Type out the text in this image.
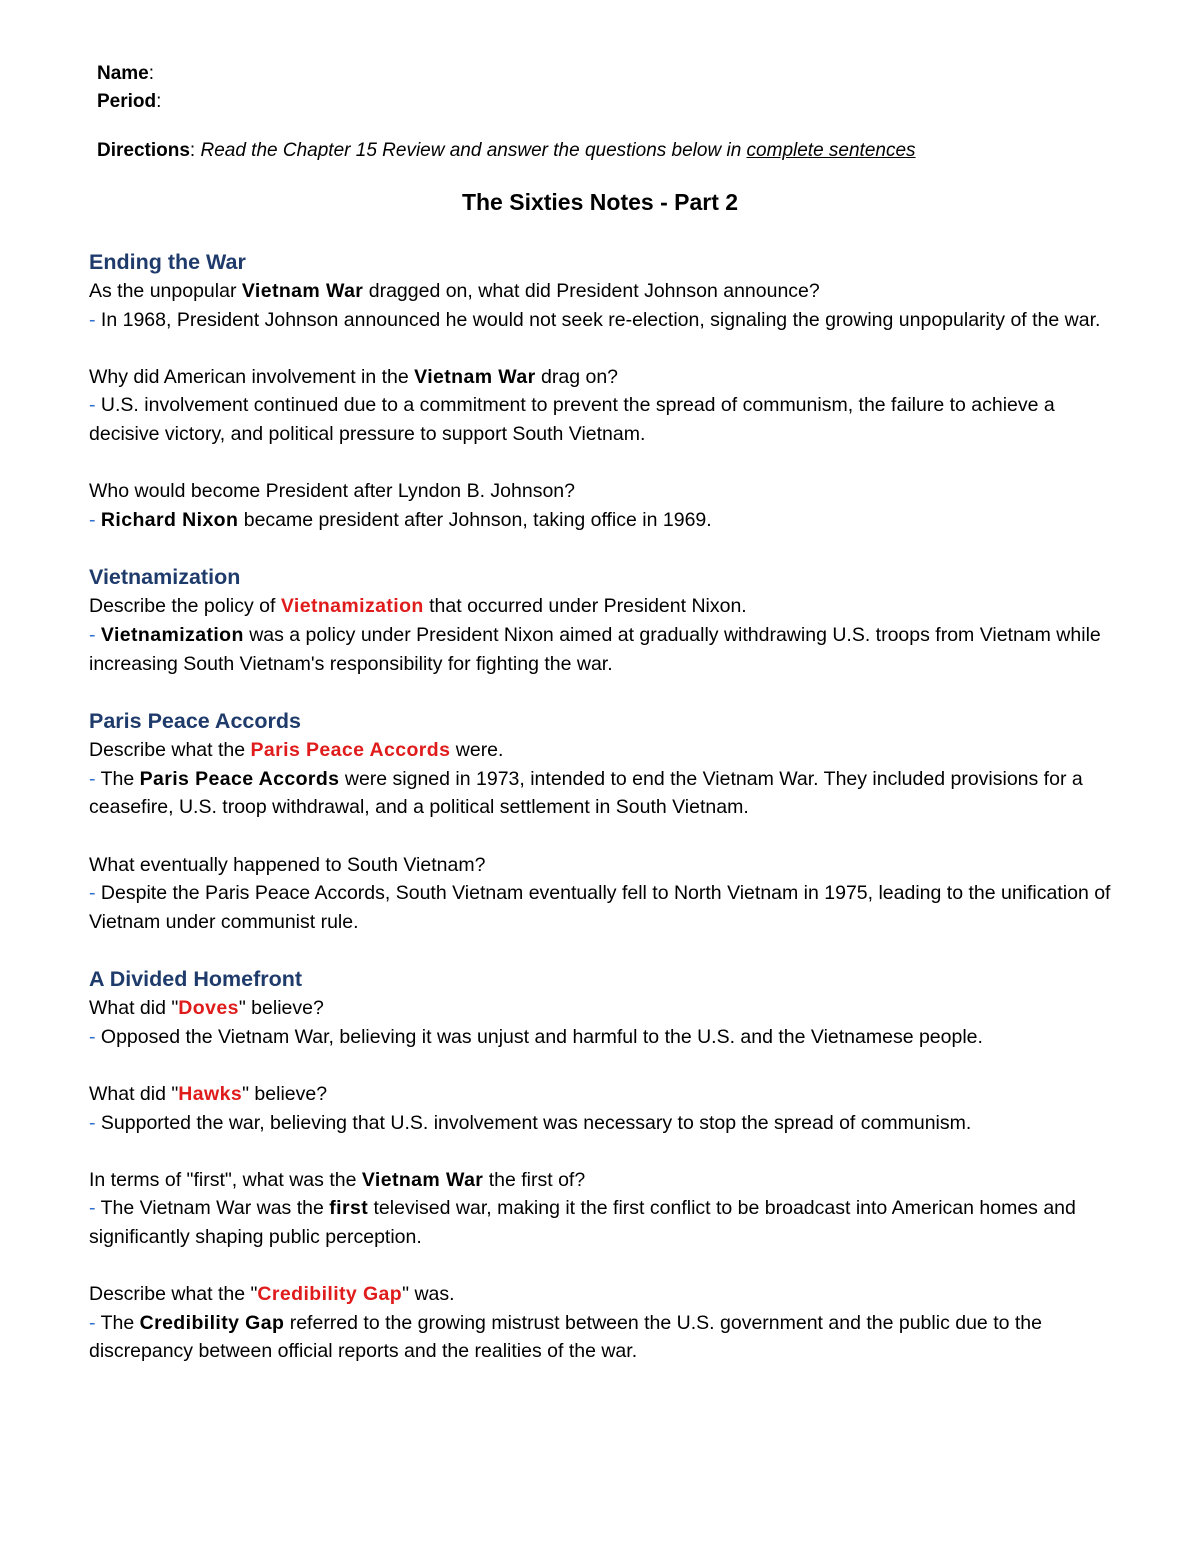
Name:
Period:
Directions: Read the Chapter 15 Review and answer the questions below in complete sentences
The Sixties Notes - Part 2
Ending the War

As the unpopular Vietnam War dragged on, what did President Johnson announce?

- In 1968, President Johnson announced he would not seek re-election, signaling the growing unpopularity of the war.

Why did American involvement in the Vietnam War drag on?

- U.S. involvement continued due to a commitment to prevent the spread of communism, the failure to achieve a decisive victory, and political pressure to support South Vietnam.

Who would become President after Lyndon B. Johnson?

- Richard Nixon became president after Johnson, taking office in 1969.

Vietnamization

Describe the policy of Vietnamization that occurred under President Nixon.

- Vietnamization was a policy under President Nixon aimed at gradually withdrawing U.S. troops from Vietnam while increasing South Vietnam's responsibility for fighting the war.

Paris Peace Accords

Describe what the Paris Peace Accords were.

- The Paris Peace Accords were signed in 1973, intended to end the Vietnam War. They included provisions for a ceasefire, U.S. troop withdrawal, and a political settlement in South Vietnam.

What eventually happened to South Vietnam?

- Despite the Paris Peace Accords, South Vietnam eventually fell to North Vietnam in 1975, leading to the unification of Vietnam under communist rule.

A Divided Homefront

What did "Doves" believe?

- Opposed the Vietnam War, believing it was unjust and harmful to the U.S. and the Vietnamese people.

What did "Hawks" believe?

- Supported the war, believing that U.S. involvement was necessary to stop the spread of communism.

In terms of "first", what was the Vietnam War the first of?

- The Vietnam War was the first televised war, making it the first conflict to be broadcast into American homes and significantly shaping public perception.

Describe what the "Credibility Gap" was.

- The Credibility Gap referred to the growing mistrust between the U.S. government and the public due to the discrepancy between official reports and the realities of the war.
